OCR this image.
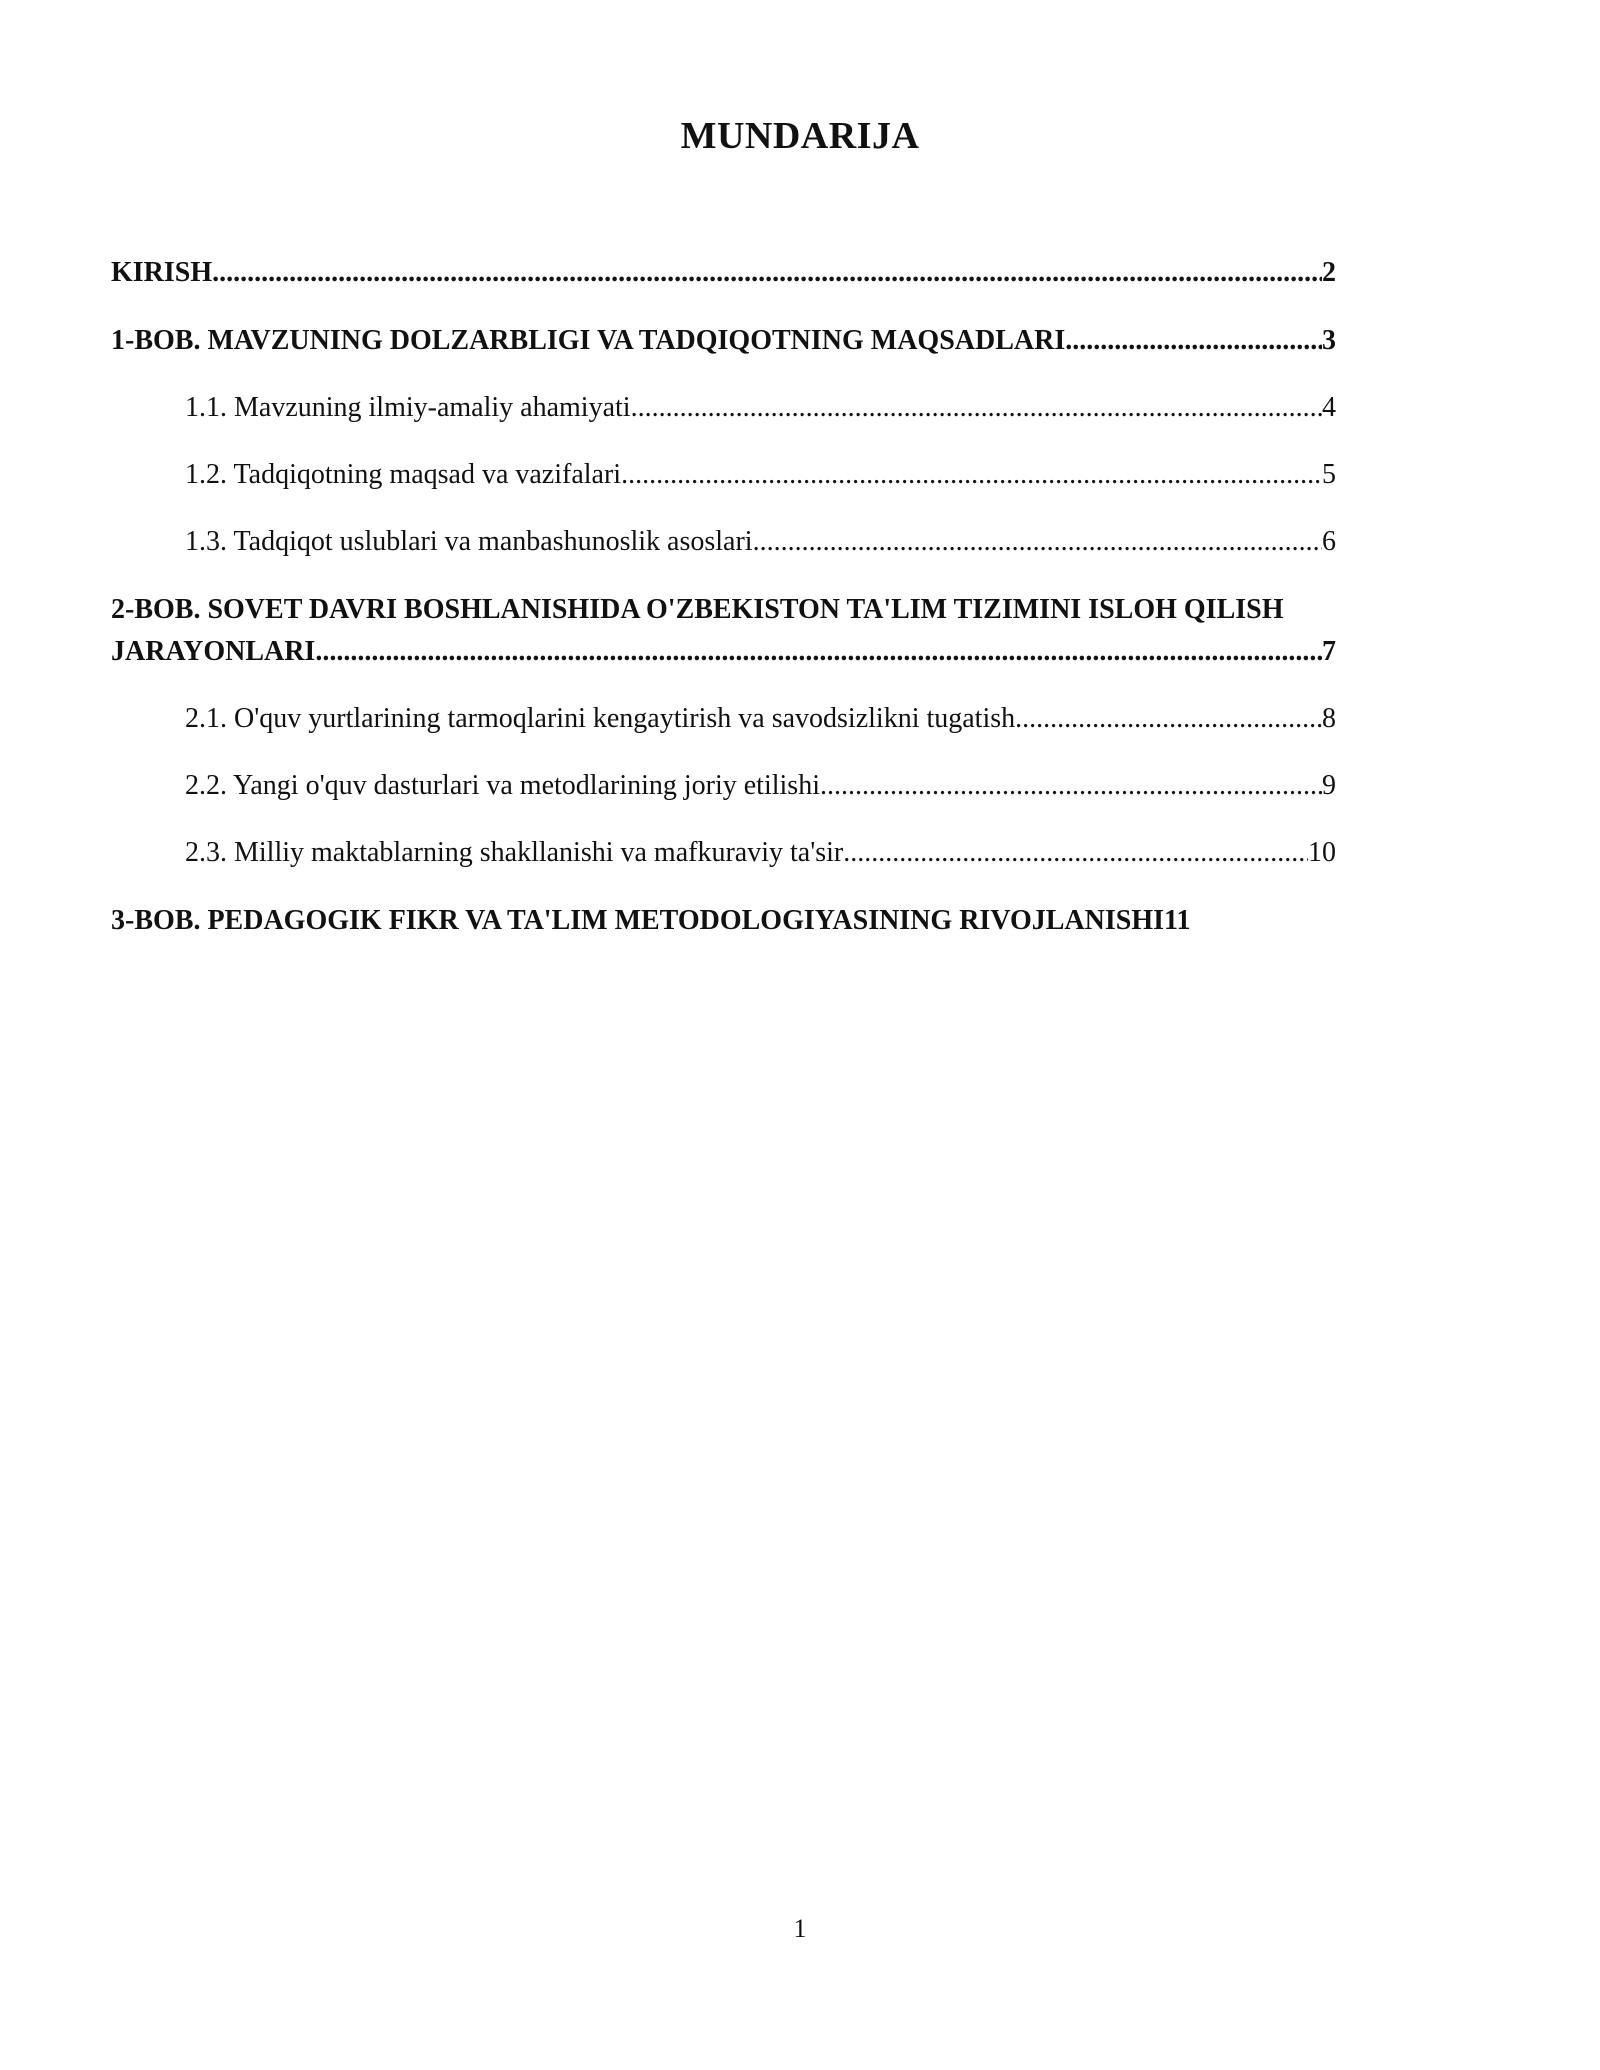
MUNDARIJA
KIRISH .....	2
1-BOB. MAVZUNING DOLZARBLIGI VA TADQIQOTNING MAQSADLARI .....	3
1.1. Mavzuning ilmiy-amaliy ahamiyati .....	4
1.2. Tadqiqotning maqsad va vazifalari .....	5
1.3. Tadqiqot uslublari va manbashunoslik asoslari .....	6
2-BOB. SOVET DAVRI BOSHLANISHIDA O'ZBEKISTON TA'LIM TIZIMINI ISLOH QILISH
JARAYONLARI .....	7
2.1. O'quv yurtlarining tarmoqlarini kengaytirish va savodsizlikni tugatish .....	8
2.2. Yangi o'quv dasturlari va metodlarining joriy etilishi .....	9
2.3. Milliy maktablarning shakllanishi va mafkuraviy ta'sir .....	10
3-BOB. PEDAGOGIK FIKR VA TA'LIM METODOLOGIYASINING RIVOJLANISHI 11
1
